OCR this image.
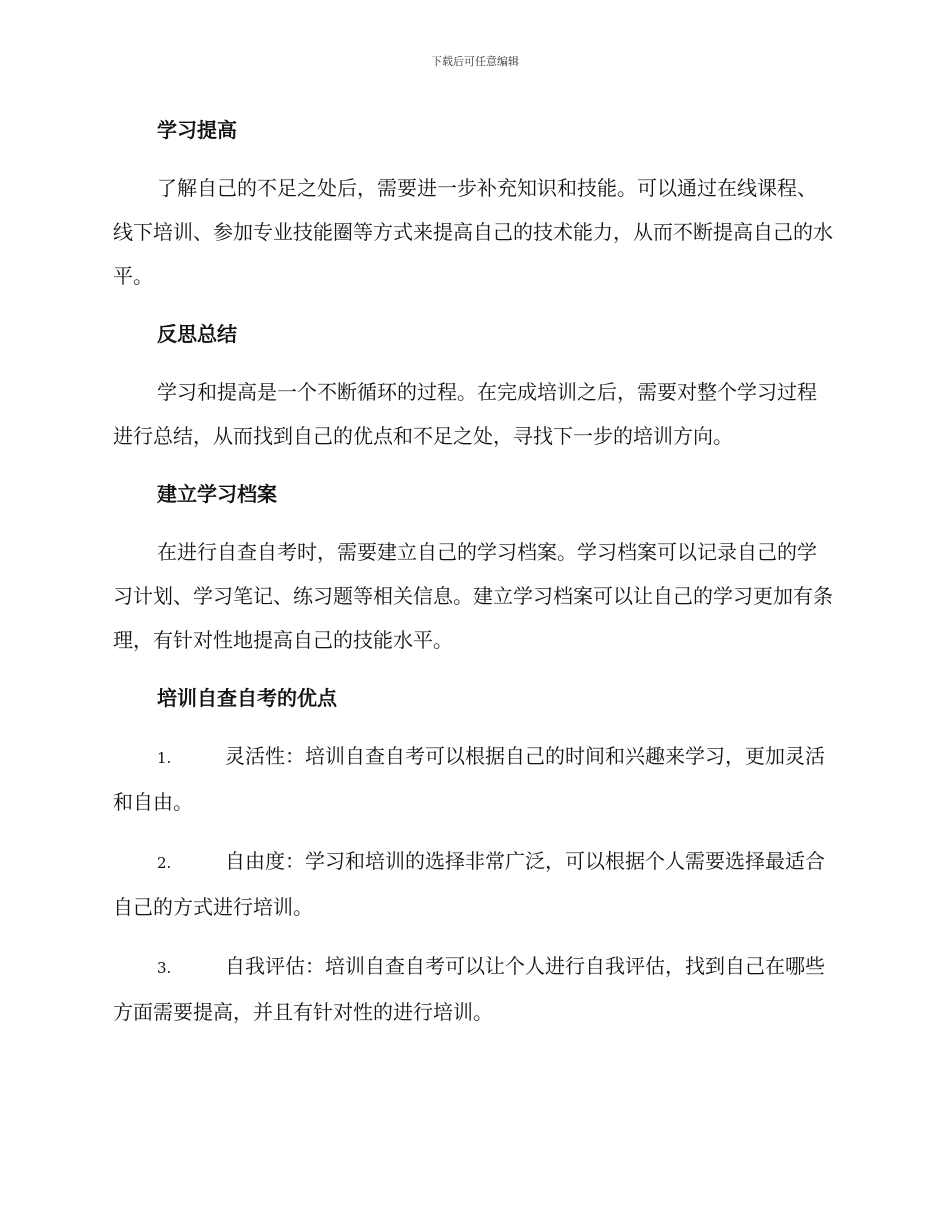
下载后可任意编辑
学习提高

了解自己的不足之处后，需要进一步补充知识和技能。可以通过在线课程、线下培训、参加专业技能圈等方式来提高自己的技术能力，从而不断提高自己的水平。

反思总结

学习和提高是一个不断循环的过程。在完成培训之后，需要对整个学习过程进行总结，从而找到自己的优点和不足之处，寻找下一步的培训方向。

建立学习档案

在进行自查自考时，需要建立自己的学习档案。学习档案可以记录自己的学习计划、学习笔记、练习题等相关信息。建立学习档案可以让自己的学习更加有条理，有针对性地提高自己的技能水平。

培训自查自考的优点

1.	灵活性：培训自查自考可以根据自己的时间和兴趣来学习，更加灵活和自由。

2.	自由度：学习和培训的选择非常广泛，可以根据个人需要选择最适合自己的方式进行培训。

3.	自我评估：培训自查自考可以让个人进行自我评估，找到自己在哪些方面需要提高，并且有针对性的进行培训。
